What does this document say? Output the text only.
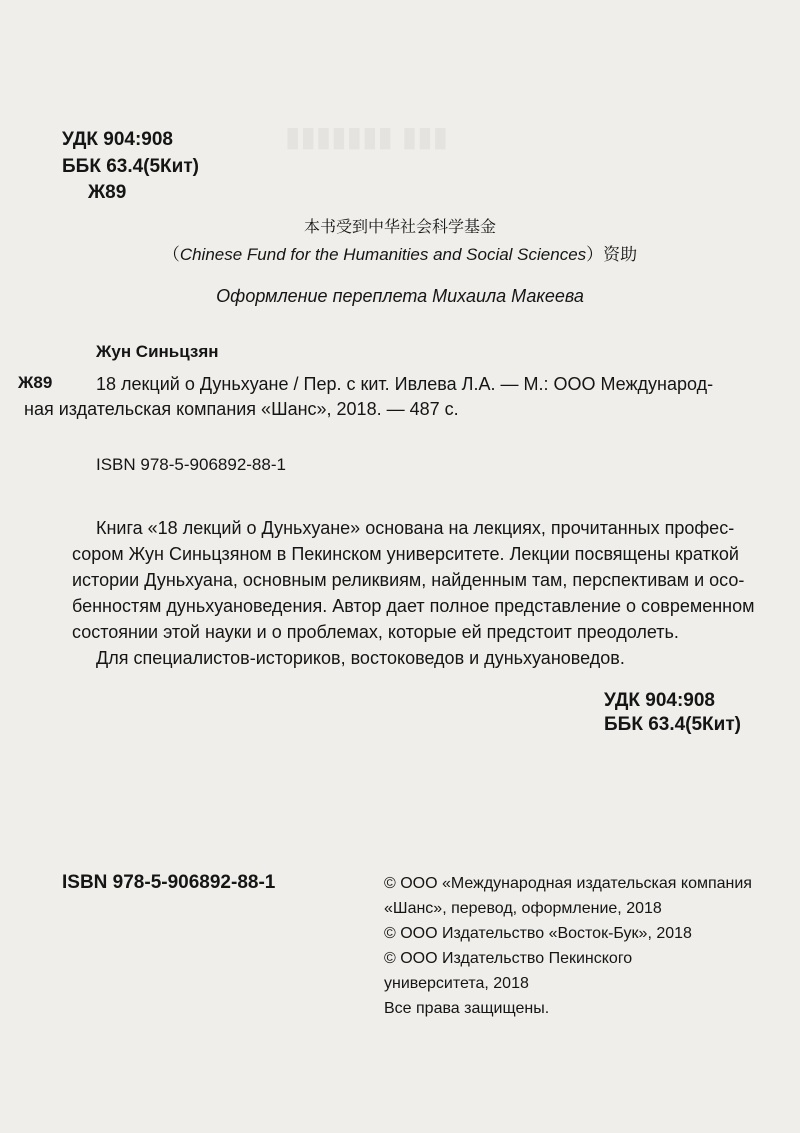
▮▮▮ ▮▮▮▮▮▮▮
УДК 904:908
ББК 63.4(5Кит)
Ж89
本书受到中华社会科学基金
（Chinese Fund for the Humanities and Social Sciences）资助
Оформление переплета Михаила Макеева
Жун Синьцзян
Ж89 18 лекций о Дуньхуане / Пер. с кит. Ивлева Л.А. — М.: ООО Международ-
ная издательская компания «Шанс», 2018. — 487 с.
ISBN 978-5-906892-88-1

Книга «18 лекций о Дуньхуане» основана на лекциях, прочитанных профес-

сором Жун Синьцзяном в Пекинском университете. Лекции посвящены краткой

истории Дуньхуана, основным реликвиям, найденным там, перспективам и осо-

бенностям дуньхуановедения. Автор дает полное представление о современном

состоянии этой науки и о проблемах, которые ей предстоит преодолеть.

Для специалистов-историков, востоковедов и дуньхуановедов.

УДК 904:908
ББК 63.4(5Кит)
ISBN 978-5-906892-88-1	© ООО «Международная издательская компания

«Шанс», перевод, оформление, 2018

© ООО Издательство «Восток-Бук», 2018

© ООО Издательство Пекинского

университета, 2018

Все права защищены.
